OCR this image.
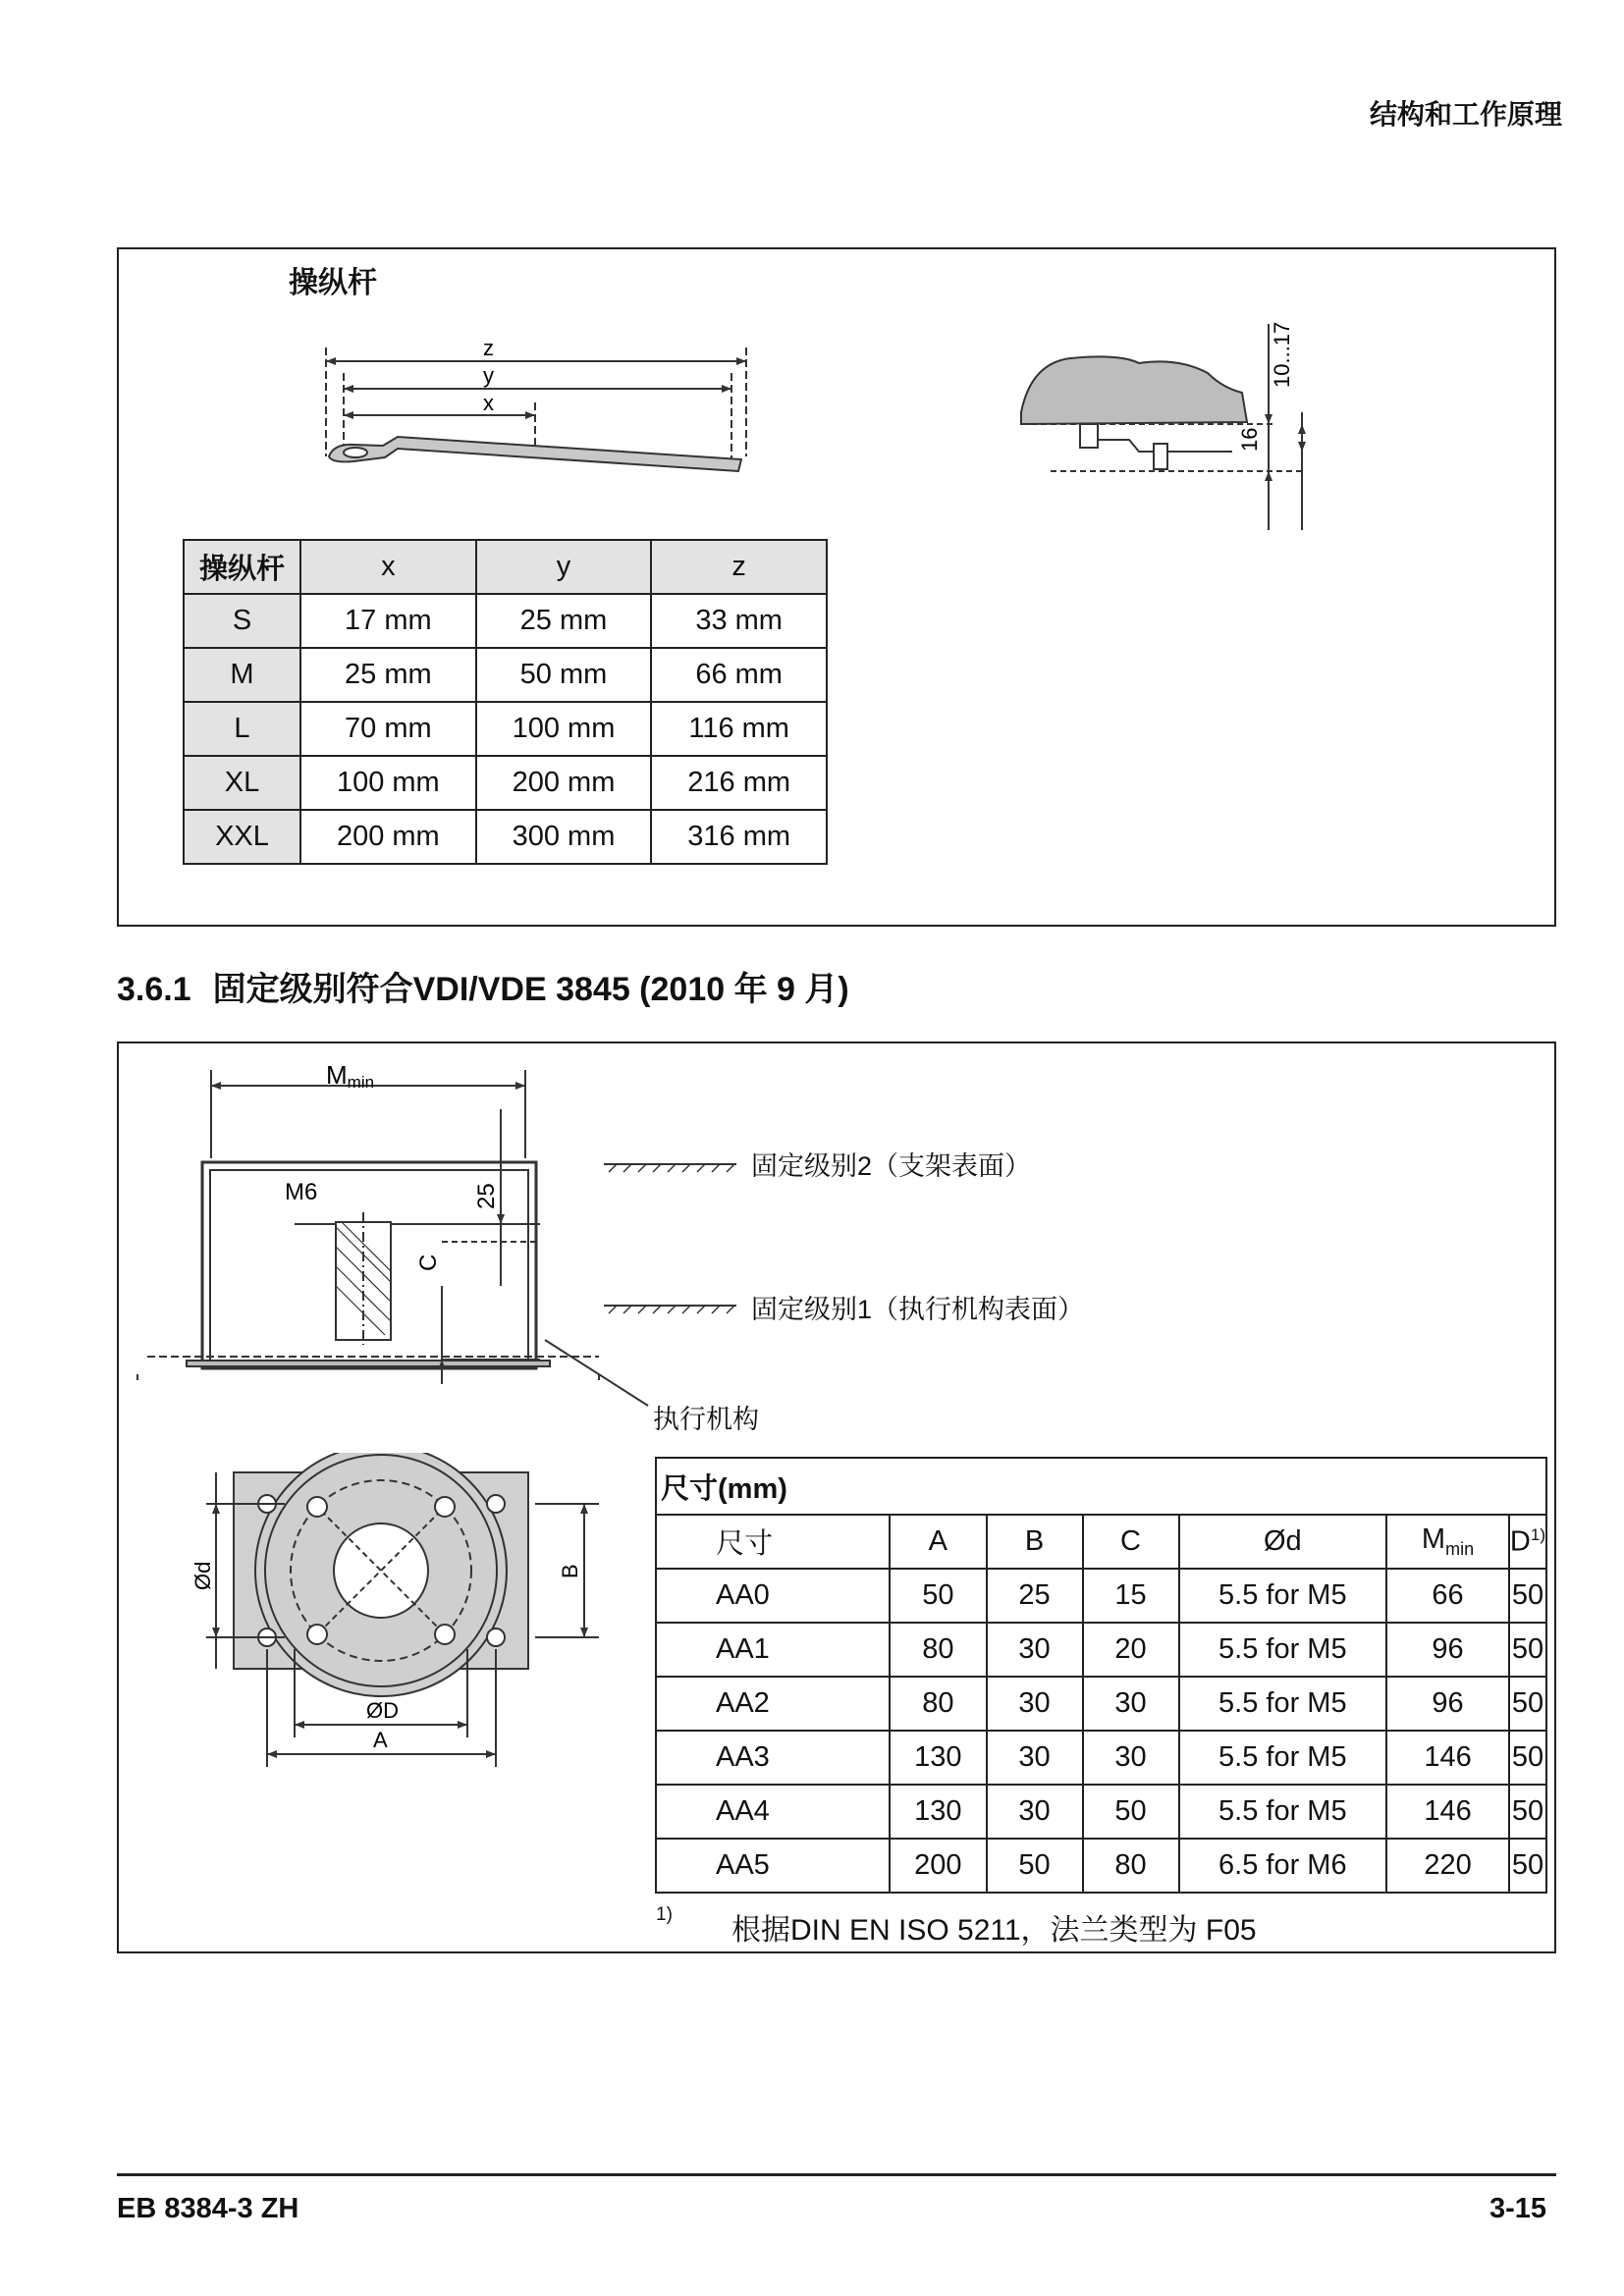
结构和工作原理
操纵杆
z
y
x
10...17
16
操纵杆	x	y	z
S	17 mm	25 mm	33 mm
M	25 mm	50 mm	66 mm
L	70 mm	100 mm	116 mm
XL	100 mm	200 mm	216 mm
XXL	200 mm	300 mm	316 mm
3.6.1 固定级别符合VDI/VDE 3845 (2010 年 9 月)
Mmin
M6	25
C
固定级别2（支架表面）
固定级别1（执行机构表面）
执行机构
Ød	B
ØD
A
尺寸(mm)						
尺寸	A	B	C	Ød	$M_{min}$	$D^{1)}$
AA0	50	25	15	5.5 for M5	66	50
AA1	80	30	20	5.5 for M5	96	50
AA2	80	30	30	5.5 for M5	96	50
AA3	130	30	30	5.5 for M5	146	50
AA4	130	30	50	5.5 for M5	146	50
AA5	200	50	80	6.5 for M6	220	50
1) 根据DIN EN ISO 5211，法兰类型为 F05
EB 8384-3 ZH	3-15
